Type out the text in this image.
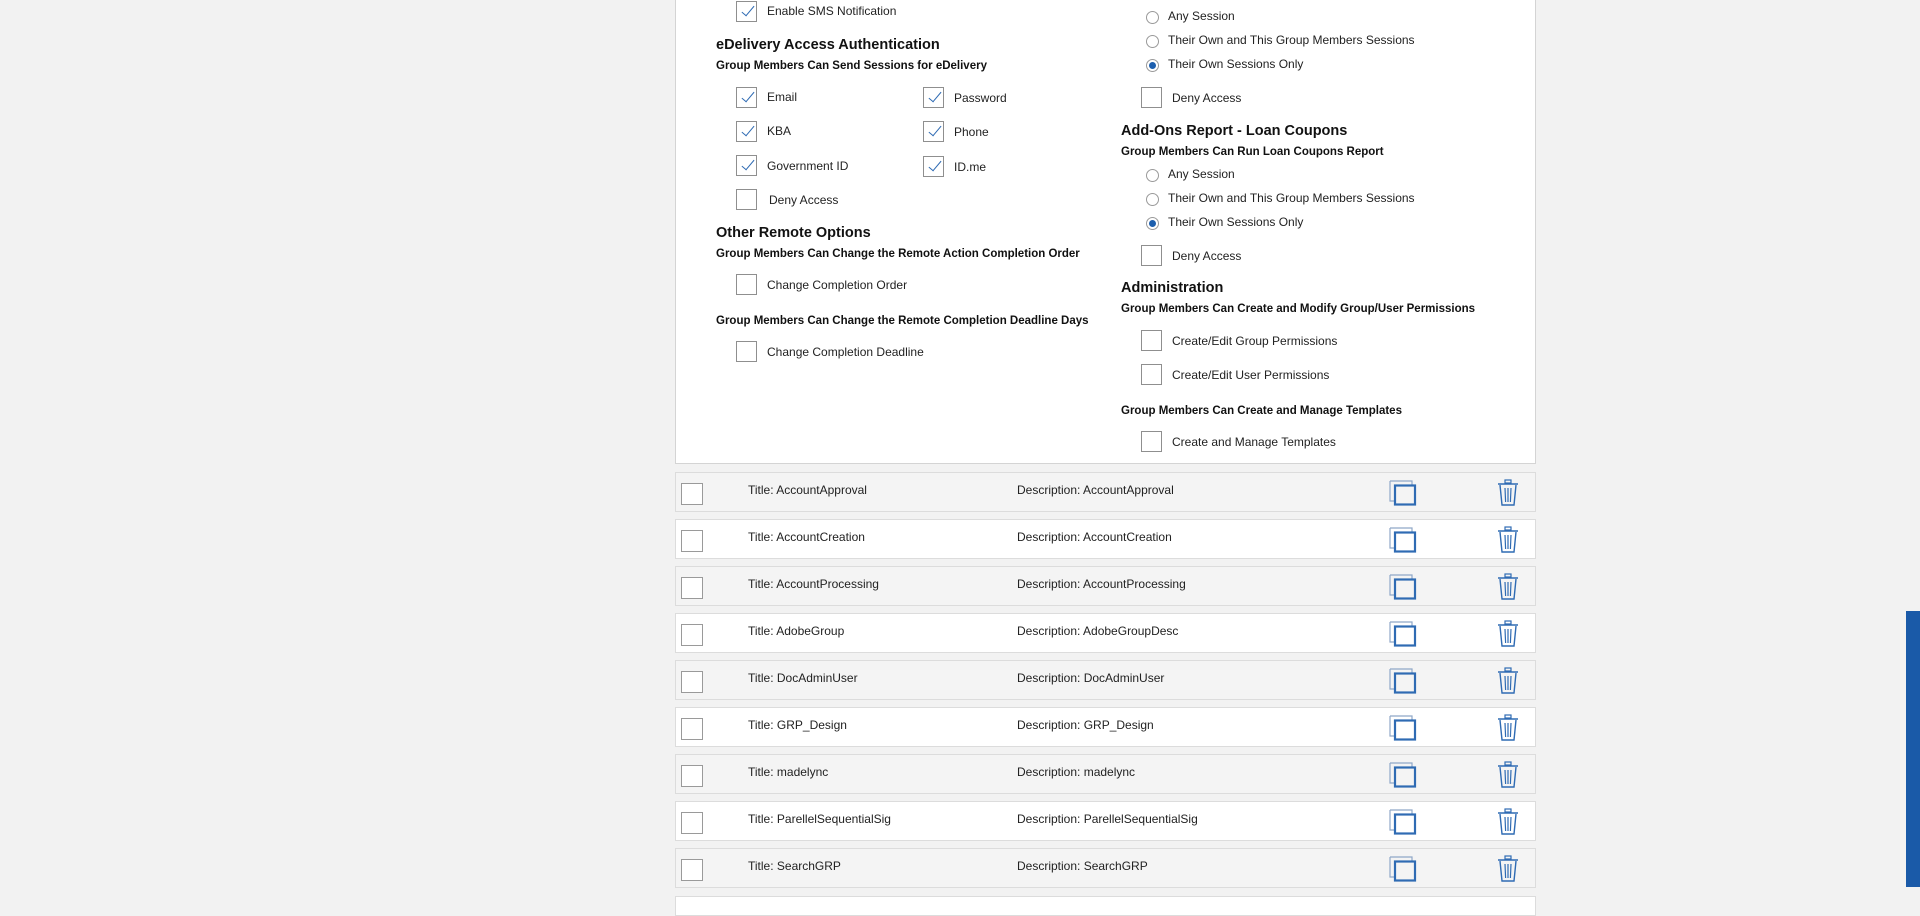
Enable SMS Notification
eDelivery Access Authentication
Group Members Can Send Sessions for eDelivery
Email	Password
KBA	Phone
Government ID	ID.me
Deny Access
Other Remote Options
Group Members Can Change the Remote Action Completion Order
Change Completion Order
Group Members Can Change the Remote Completion Deadline Days
Change Completion Deadline
Any Session
Their Own and This Group Members Sessions
Their Own Sessions Only
Deny Access
Add-Ons Report - Loan Coupons
Group Members Can Run Loan Coupons Report
Any Session
Their Own and This Group Members Sessions
Their Own Sessions Only
Deny Access
Administration
Group Members Can Create and Modify Group/User Permissions
Create/Edit Group Permissions
Create/Edit User Permissions
Group Members Can Create and Manage Templates
Create and Manage Templates
Title: AccountApproval	Description: AccountApproval
Title: AccountCreation	Description: AccountCreation
Title: AccountProcessing	Description: AccountProcessing
Title: AdobeGroup	Description: AdobeGroupDesc
Title: DocAdminUser	Description: DocAdminUser
Title: GRP_Design	Description: GRP_Design
Title: madelync	Description: madelync
Title: ParellelSequentialSig	Description: ParellelSequentialSig
Title: SearchGRP	Description: SearchGRP
